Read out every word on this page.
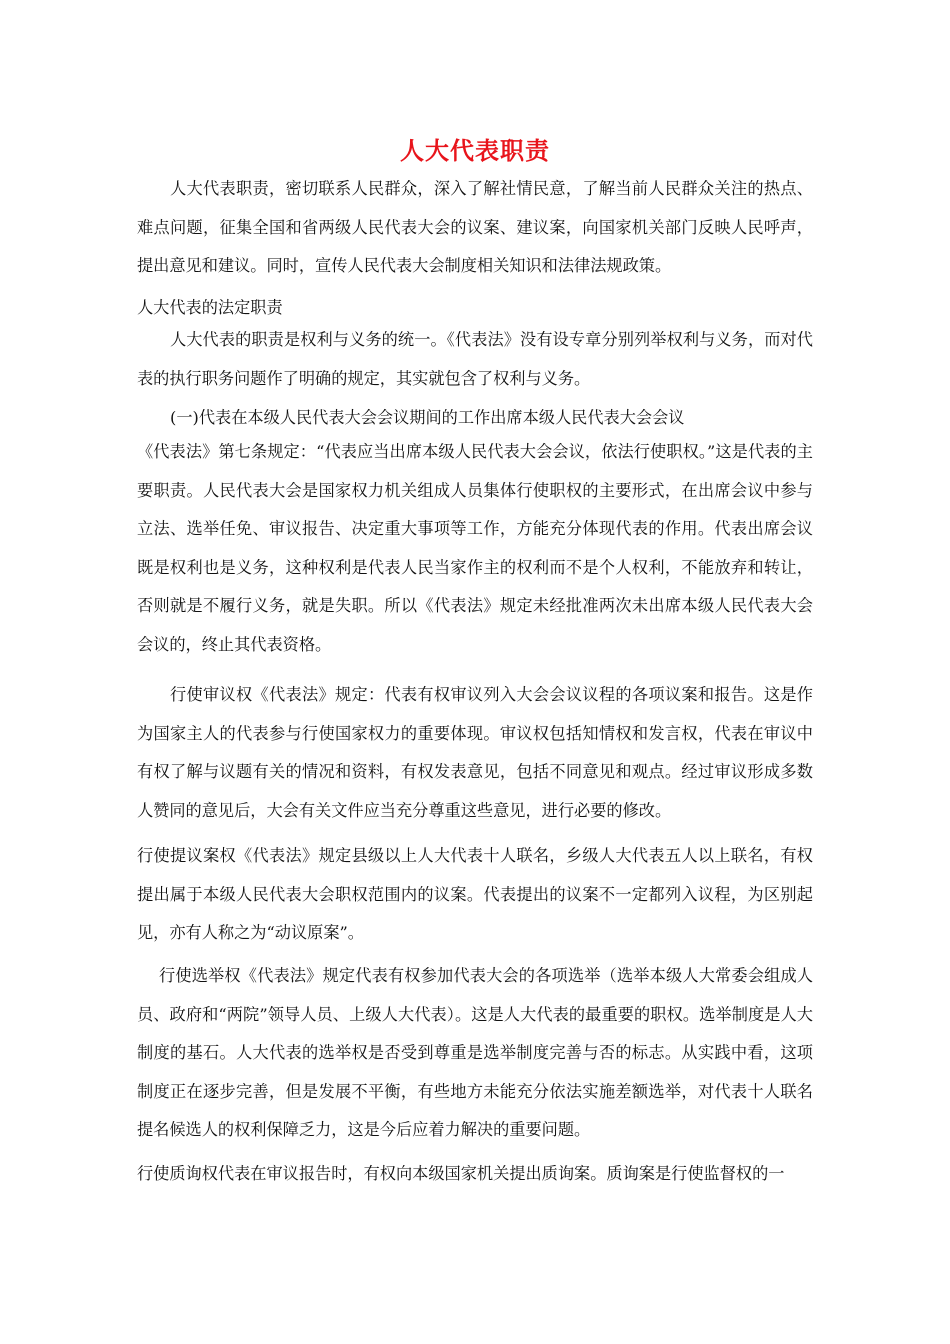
人大代表职责

人大代表职责，密切联系人民群众，深入了解社情民意，了解当前人民群众关注的热点、难点问题，征集全国和省两级人民代表大会的议案、建议案，向国家机关部门反映人民呼声，提出意见和建议。同时，宣传人民代表大会制度相关知识和法律法规政策。

人大代表的法定职责

人大代表的职责是权利与义务的统一。《代表法》没有设专章分别列举权利与义务，而对代表的执行职务问题作了明确的规定，其实就包含了权利与义务。

(一)代表在本级人民代表大会会议期间的工作出席本级人民代表大会会议

《代表法》第七条规定：“代表应当出席本级人民代表大会会议，依法行使职权。”这是代表的主要职责。人民代表大会是国家权力机关组成人员集体行使职权的主要形式，在出席会议中参与立法、选举任免、审议报告、决定重大事项等工作，方能充分体现代表的作用。代表出席会议既是权利也是义务，这种权利是代表人民当家作主的权利而不是个人权利，不能放弃和转让，否则就是不履行义务，就是失职。所以《代表法》规定未经批准两次未出席本级人民代表大会会议的，终止其代表资格。

行使审议权《代表法》规定：代表有权审议列入大会会议议程的各项议案和报告。这是作为国家主人的代表参与行使国家权力的重要体现。审议权包括知情权和发言权，代表在审议中有权了解与议题有关的情况和资料，有权发表意见，包括不同意见和观点。经过审议形成多数人赞同的意见后，大会有关文件应当充分尊重这些意见，进行必要的修改。

行使提议案权《代表法》规定县级以上人大代表十人联名，乡级人大代表五人以上联名，有权提出属于本级人民代表大会职权范围内的议案。代表提出的议案不一定都列入议程，为区别起见，亦有人称之为“动议原案”。

行使选举权《代表法》规定代表有权参加代表大会的各项选举（选举本级人大常委会组成人员、政府和“两院”领导人员、上级人大代表）。这是人大代表的最重要的职权。选举制度是人大制度的基石。人大代表的选举权是否受到尊重是选举制度完善与否的标志。从实践中看，这项制度正在逐步完善，但是发展不平衡，有些地方未能充分依法实施差额选举，对代表十人联名提名候选人的权利保障乏力，这是今后应着力解决的重要问题。

行使质询权代表在审议报告时，有权向本级国家机关提出质询案。质询案是行使监督权的一
